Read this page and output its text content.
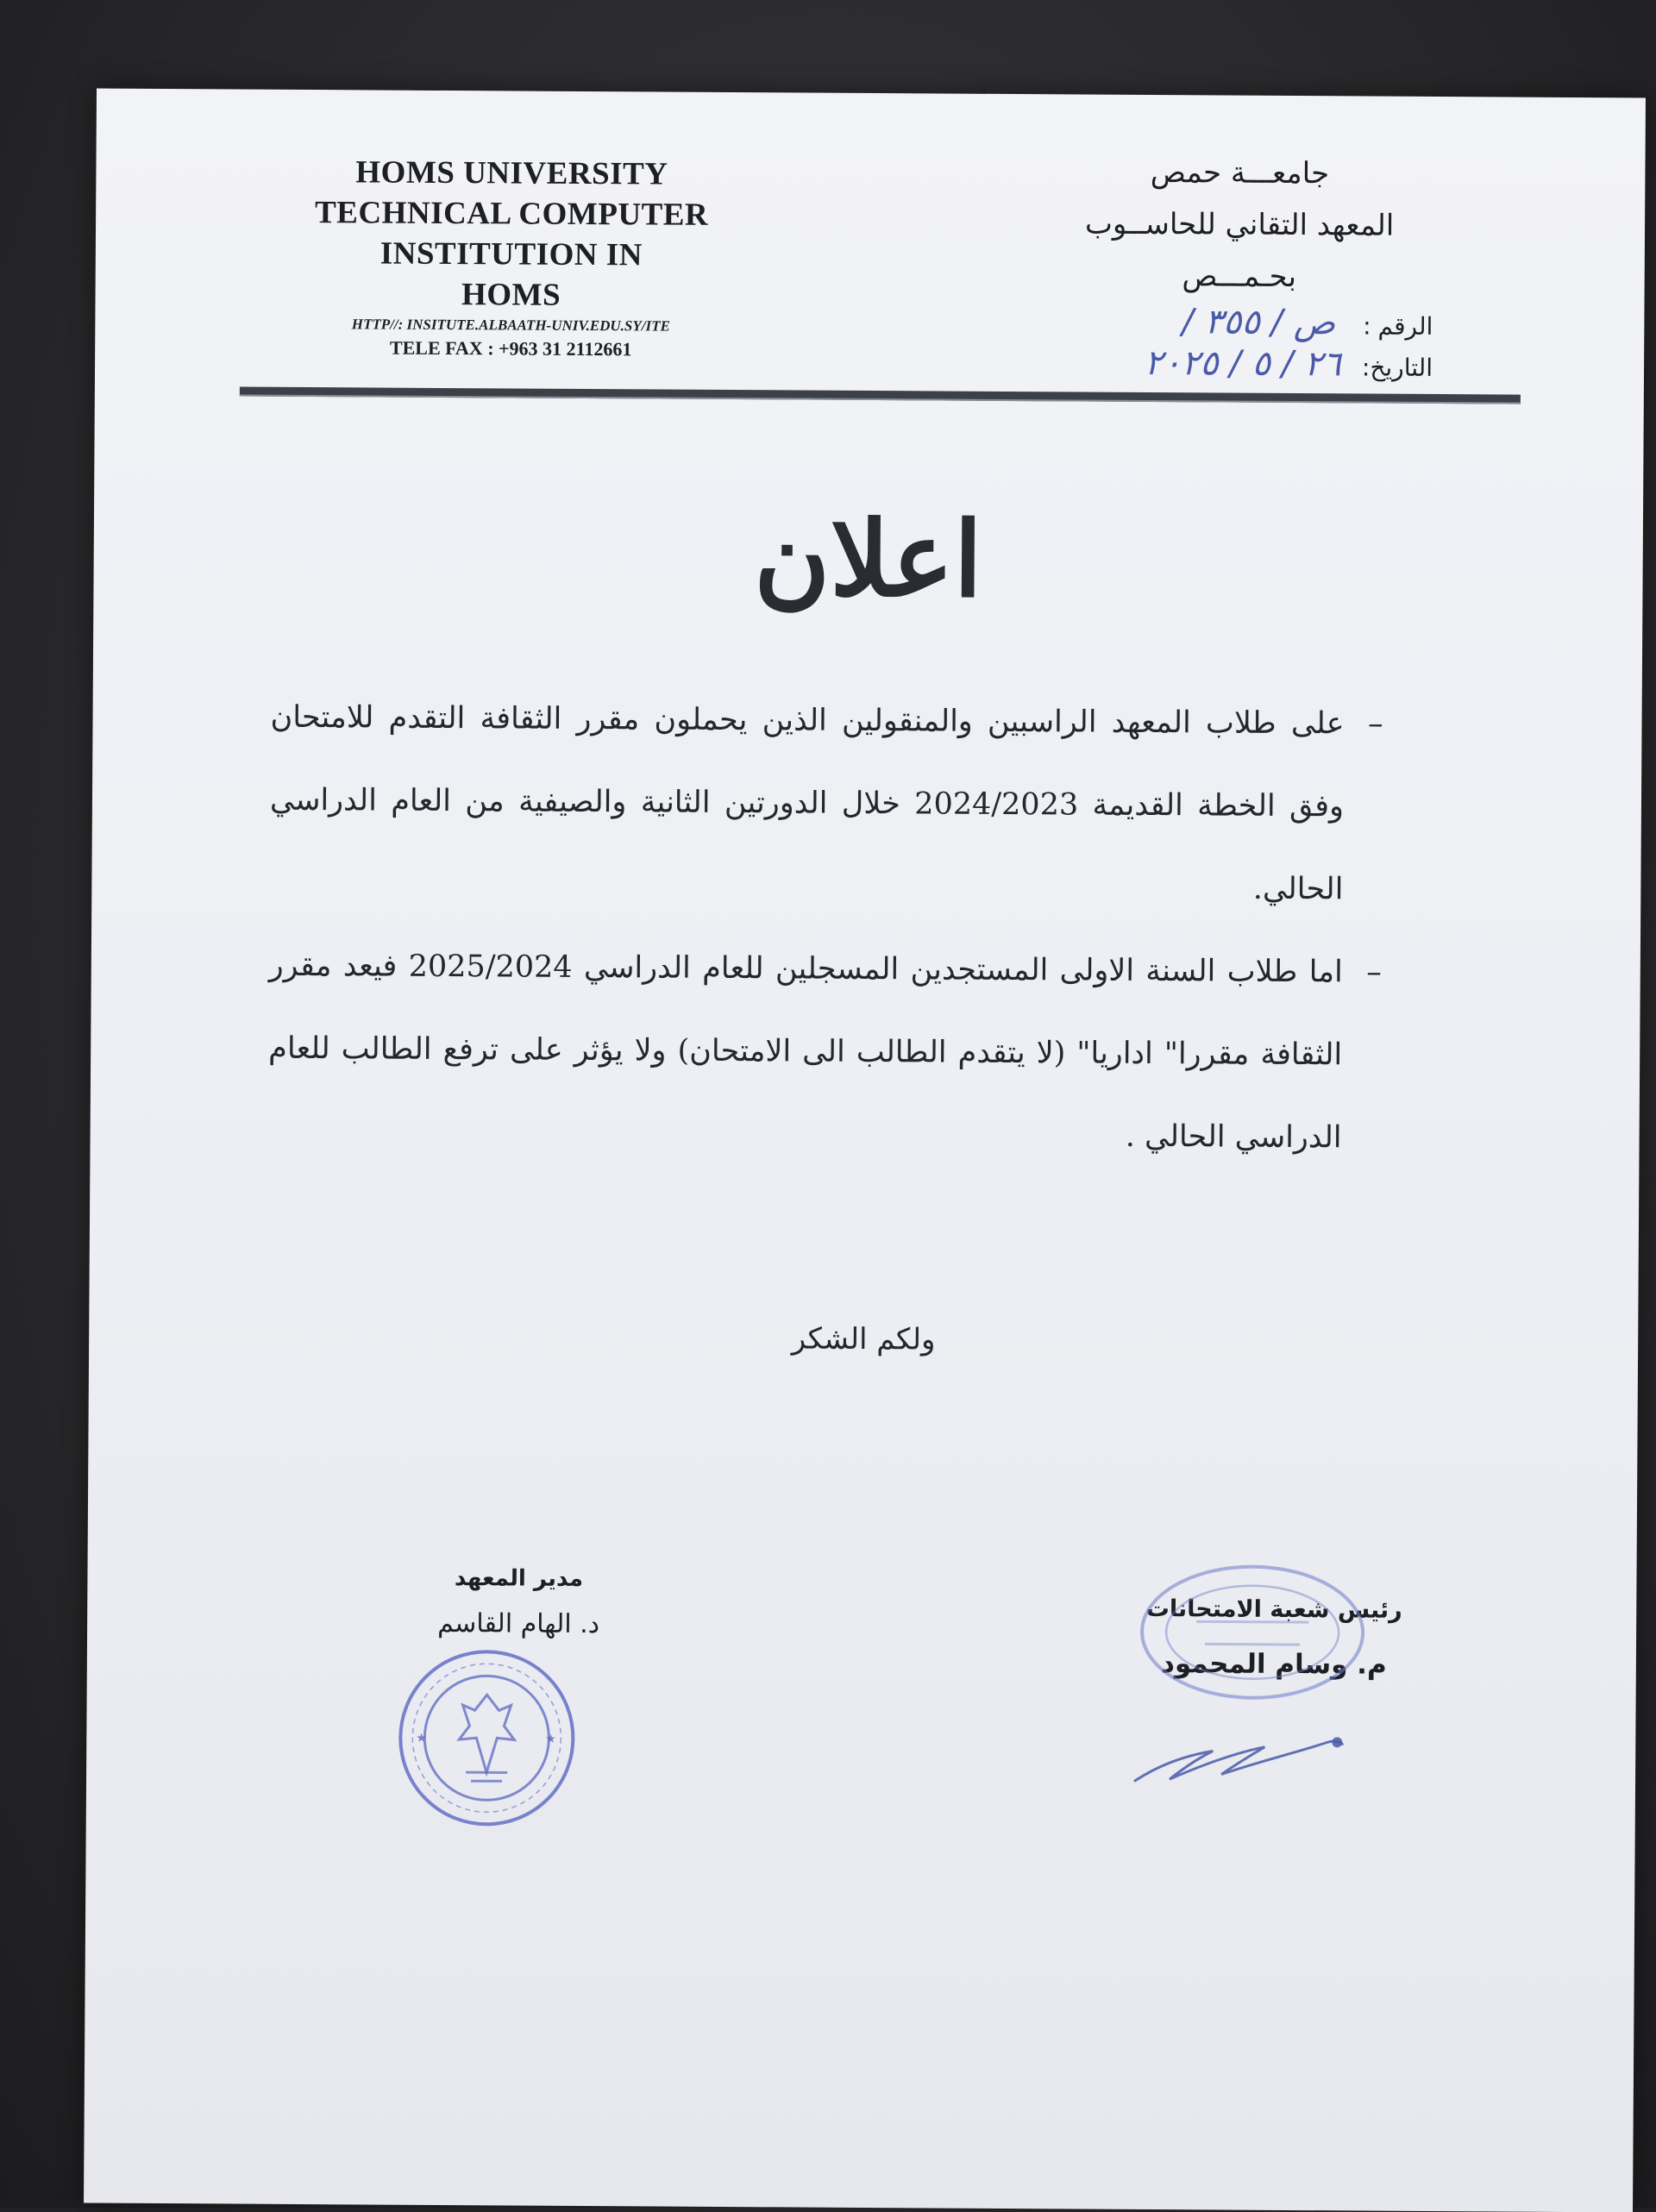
HOMS UNIVERSITY
TECHNICAL COMPUTER
INSTITUTION IN
HOMS
HTTP//: INSITUTE.ALBAATH-UNIV.EDU.SY/ITE
TELE FAX : +963 31 2112661
جامعـــة حمص
المعهد التقاني للحاســوب
بحـمـــص
الرقم
:
ص / ٣٥٥ /
التاريخ:
٢٦ / ٥ / ٢٠٢٥
اعلان
–
على طلاب المعهد الراسبين والمنقولين الذين يحملون مقرر الثقافة التقدم للامتحان وفق الخطة القديمة 2024/2023 خلال الدورتين الثانية والصيفية من العام الدراسي الحالي.
–
اما طلاب السنة الاولى المستجدين المسجلين للعام الدراسي 2025/2024 فيعد مقرر الثقافة مقررا" اداريا" (لا يتقدم الطالب الى الامتحان) ولا يؤثر على ترفع الطالب للعام الدراسي الحالي .
ولكم الشكر
مدير المعهد
د. الهام القاسم
★	★
رئيس شعبة الامتحانات
م. وسام المحمود
